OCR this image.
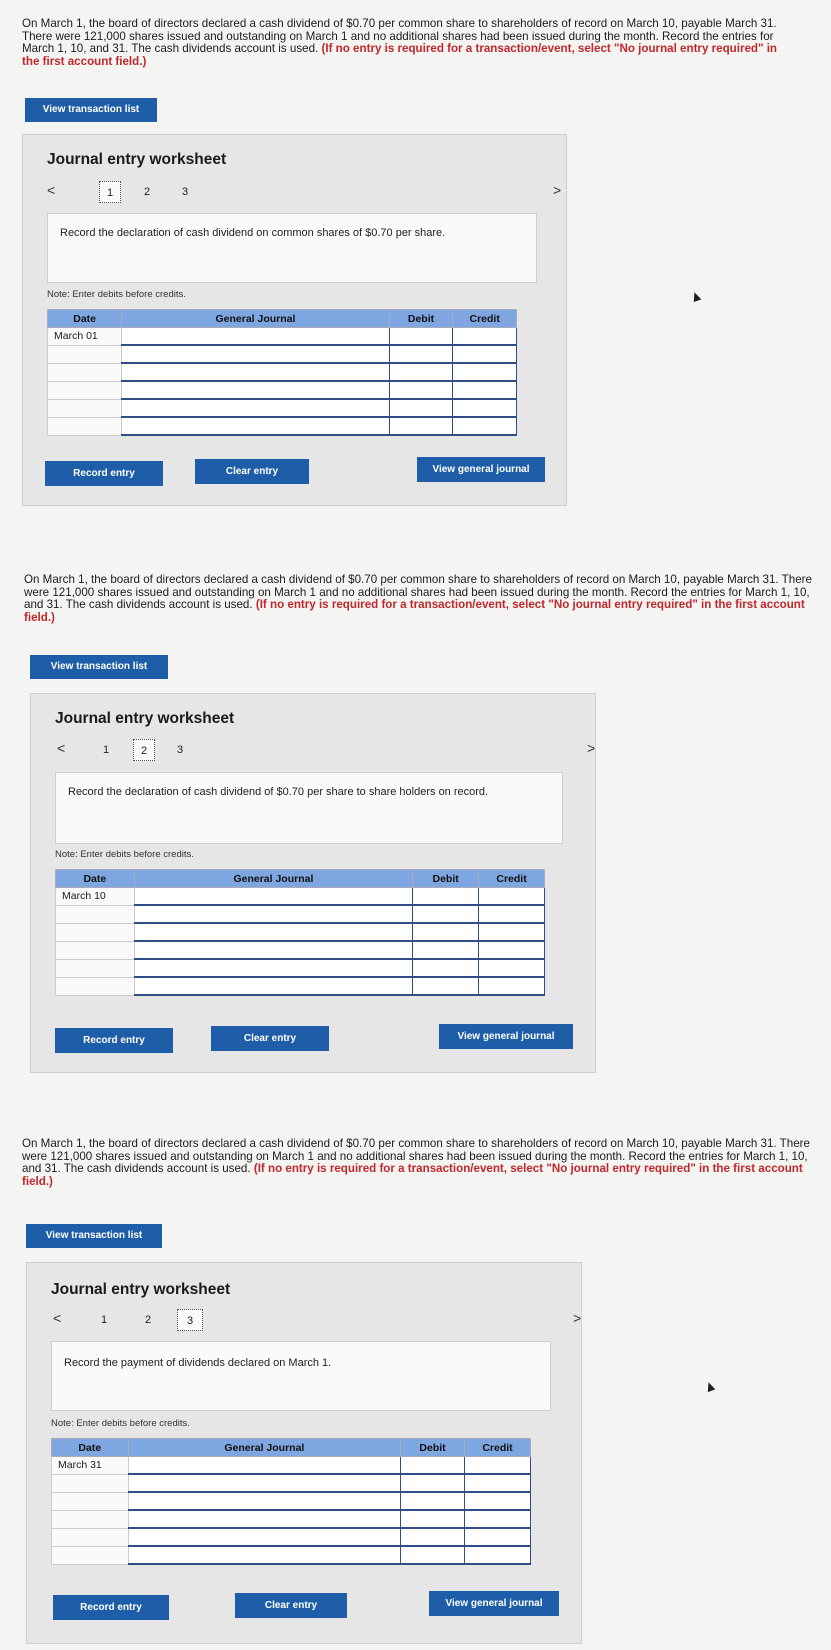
On March 1, the board of directors declared a cash dividend of $0.70 per common share to shareholders of record on March 10, payable March 31. There were 121,000 shares issued and outstanding on March 1 and no additional shares had been issued during the month. Record the entries for March 1, 10, and 31. The cash dividends account is used. (If no entry is required for a transaction/event, select "No journal entry required" in the first account field.)
View transaction list
Journal entry worksheet
<	1	2	3	>
Record the declaration of cash dividend on common shares of $0.70 per share.
Note: Enter debits before credits.
Date	General Journal	Debit	Credit
March 01			

Record entry	Clear entry	View general journal
On March 1, the board of directors declared a cash dividend of $0.70 per common share to shareholders of record on March 10, payable March 31. There were 121,000 shares issued and outstanding on March 1 and no additional shares had been issued during the month. Record the entries for March 1, 10, and 31. The cash dividends account is used. (If no entry is required for a transaction/event, select "No journal entry required" in the first account field.)
View transaction list
Journal entry worksheet
<	1	2	3	>
Record the declaration of cash dividend of $0.70 per share to share holders on record.
Note: Enter debits before credits.
Date	General Journal	Debit	Credit
March 10			

Record entry	Clear entry	View general journal
On March 1, the board of directors declared a cash dividend of $0.70 per common share to shareholders of record on March 10, payable March 31. There were 121,000 shares issued and outstanding on March 1 and no additional shares had been issued during the month. Record the entries for March 1, 10, and 31. The cash dividends account is used. (If no entry is required for a transaction/event, select "No journal entry required" in the first account field.)
View transaction list
Journal entry worksheet
<	1	2	3	>
Record the payment of dividends declared on March 1.
Note: Enter debits before credits.
Date	General Journal	Debit	Credit
March 31			

Record entry	Clear entry	View general journal
